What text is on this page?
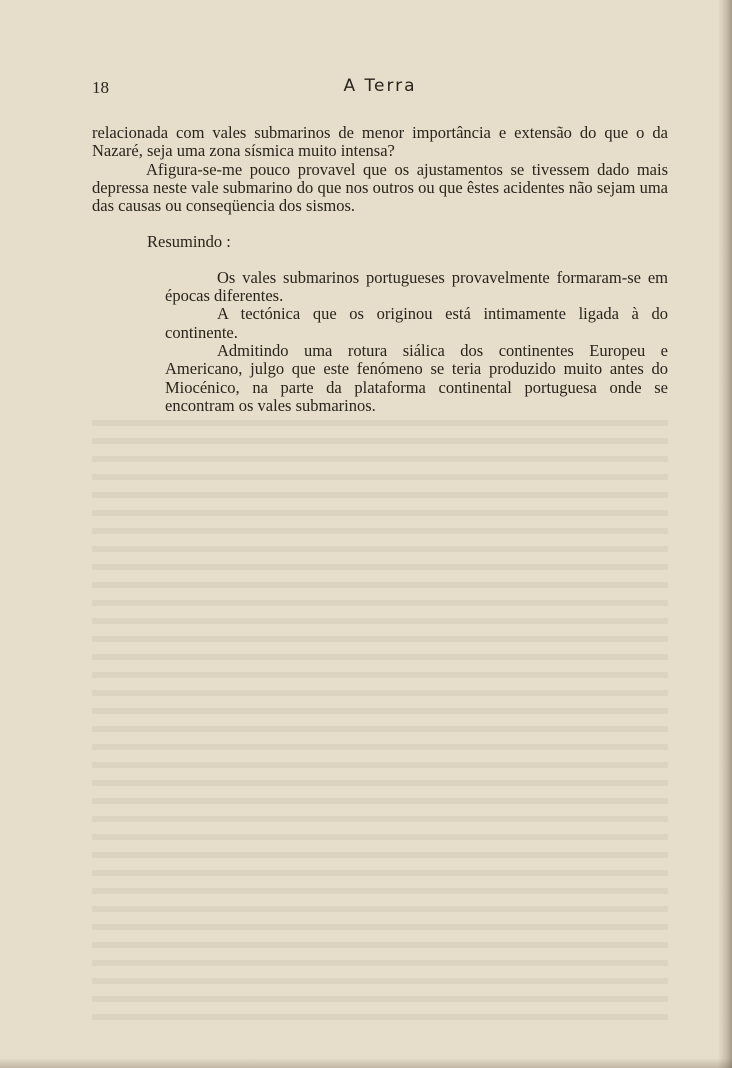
18	A Terra

relacionada com vales submarinos de menor importância e extensão do que o da Nazaré, seja uma zona sísmica muito intensa?

Afigura-se-me pouco provavel que os ajustamentos se tivessem dado mais depressa neste vale submarino do que nos outros ou que êstes acidentes não sejam uma das causas ou conseqüencia dos sismos.

Resumindo :

Os vales submarinos portugueses provavelmente formaram-se em épocas diferentes.

A tectónica que os originou está intimamente ligada à do continente.

Admitindo uma rotura siálica dos continentes Europeu e Americano, julgo que este fenómeno se teria produzido muito antes do Miocénico, na parte da plataforma continental portuguesa onde se encontram os vales submarinos.
